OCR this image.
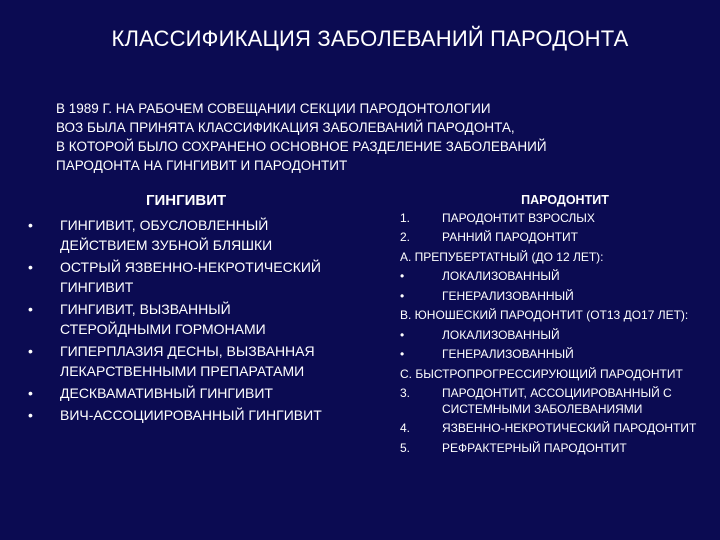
КЛАССИФИКАЦИЯ ЗАБОЛЕВАНИЙ ПАРОДОНТА
В 1989 Г. НА РАБОЧЕМ СОВЕЩАНИИ СЕКЦИИ ПАРОДОНТОЛОГИИ
ВОЗ БЫЛА ПРИНЯТА КЛАССИФИКАЦИЯ ЗАБОЛЕВАНИЙ ПАРОДОНТА,
В КОТОРОЙ БЫЛО СОХРАНЕНО ОСНОВНОЕ РАЗДЕЛЕНИЕ ЗАБОЛЕВАНИЙ
ПАРОДОНТА НА ГИНГИВИТ И ПАРОДОНТИТ
ГИНГИВИТ
• ГИНГИВИТ, ОБУСЛОВЛЕННЫЙ ДЕЙСТВИЕМ ЗУБНОЙ БЛЯШКИ
• ОСТРЫЙ ЯЗВЕННО-НЕКРОТИЧЕСКИЙ ГИНГИВИТ
• ГИНГИВИТ, ВЫЗВАННЫЙ СТЕРОЙДНЫМИ ГОРМОНАМИ
• ГИПЕРПЛАЗИЯ ДЕСНЫ, ВЫЗВАННАЯ ЛЕКАРСТВЕННЫМИ ПРЕПАРАТАМИ
• ДЕСКВАМАТИВНЫЙ ГИНГИВИТ
• ВИЧ-АССОЦИИРОВАННЫЙ ГИНГИВИТ
ПАРОДОНТИТ
1.	ПАРОДОНТИТ ВЗРОСЛЫХ
2.	РАННИЙ ПАРОДОНТИТ
А. ПРЕПУБЕРТАТНЫЙ (ДО 12 ЛЕТ):
•	ЛОКАЛИЗОВАННЫЙ
•	ГЕНЕРАЛИЗОВАННЫЙ
В. ЮНОШЕСКИЙ ПАРОДОНТИТ (ОТ13 ДО17 ЛЕТ):
•	ЛОКАЛИЗОВАННЫЙ
•	ГЕНЕРАЛИЗОВАННЫЙ
С. БЫСТРОПРОГРЕССИРУЮЩИЙ ПАРОДОНТИТ
3.	ПАРОДОНТИТ, АССОЦИИРОВАННЫЙ С СИСТЕМНЫМИ ЗАБОЛЕВАНИЯМИ
4.	ЯЗВЕННО-НЕКРОТИЧЕСКИЙ ПАРОДОНТИТ
5.	РЕФРАКТЕРНЫЙ ПАРОДОНТИТ
